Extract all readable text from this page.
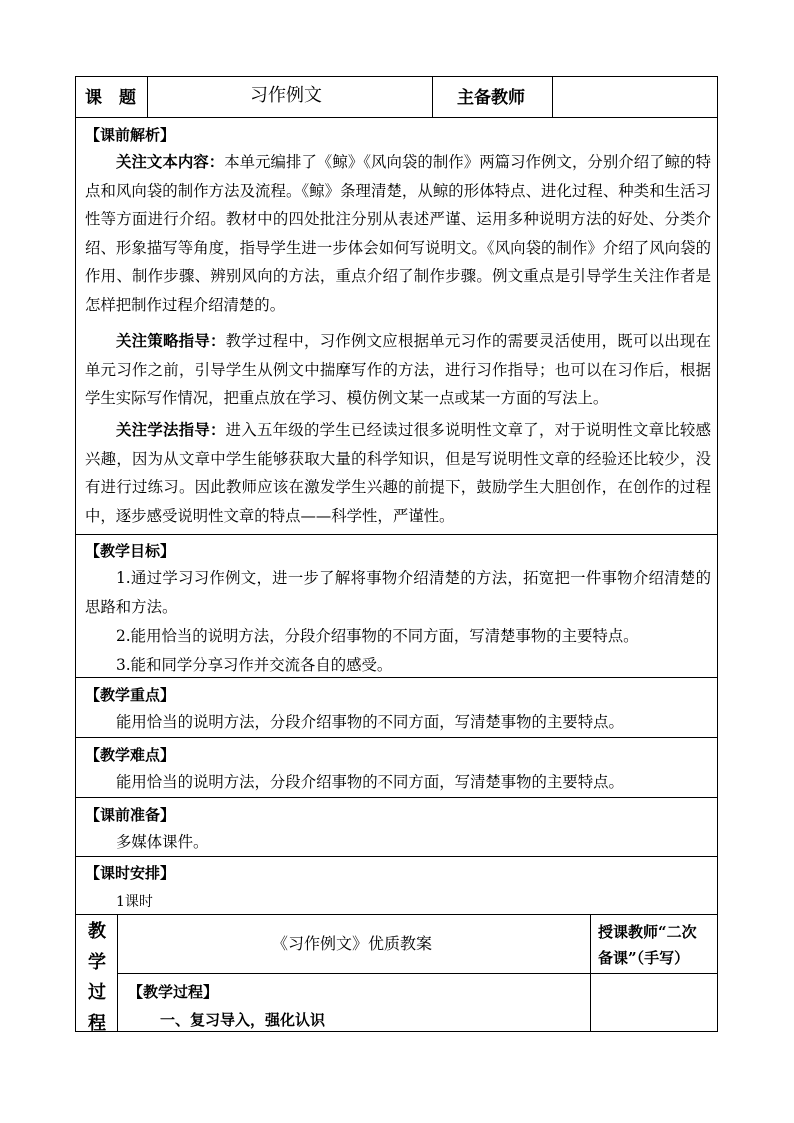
课　题	习作例文	主备教师
【课前解析】
关注文本内容：本单元编排了《鲸》《风向袋的制作》两篇习作例文，分别介绍了鲸的特点和风向袋的制作方法及流程。《鲸》条理清楚，从鲸的形体特点、进化过程、种类和生活习性等方面进行介绍。教材中的四处批注分别从表述严谨、运用多种说明方法的好处、分类介绍、形象描写等角度，指导学生进一步体会如何写说明文。《风向袋的制作》介绍了风向袋的作用、制作步骤、辨别风向的方法，重点介绍了制作步骤。例文重点是引导学生关注作者是怎样把制作过程介绍清楚的。
关注策略指导：教学过程中，习作例文应根据单元习作的需要灵活使用，既可以出现在单元习作之前，引导学生从例文中揣摩写作的方法，进行习作指导；也可以在习作后，根据学生实际写作情况，把重点放在学习、模仿例文某一点或某一方面的写法上。
关注学法指导：进入五年级的学生已经读过很多说明性文章了，对于说明性文章比较感兴趣，因为从文章中学生能够获取大量的科学知识，但是写说明性文章的经验还比较少，没有进行过练习。因此教师应该在激发学生兴趣的前提下，鼓励学生大胆创作，在创作的过程中，逐步感受说明性文章的特点——科学性，严谨性。
【教学目标】
1.通过学习习作例文，进一步了解将事物介绍清楚的方法，拓宽把一件事物介绍清楚的思路和方法。
2.能用恰当的说明方法，分段介绍事物的不同方面，写清楚事物的主要特点。
3.能和同学分享习作并交流各自的感受。
【教学重点】
能用恰当的说明方法，分段介绍事物的不同方面，写清楚事物的主要特点。
【教学难点】
能用恰当的说明方法，分段介绍事物的不同方面，写清楚事物的主要特点。
【课前准备】
多媒体课件。
【课时安排】
1课时
教
学
过
程
《习作例文》优质教案
授课教师“二次
备课”（手写）
【教学过程】
一、复习导入，强化认识
